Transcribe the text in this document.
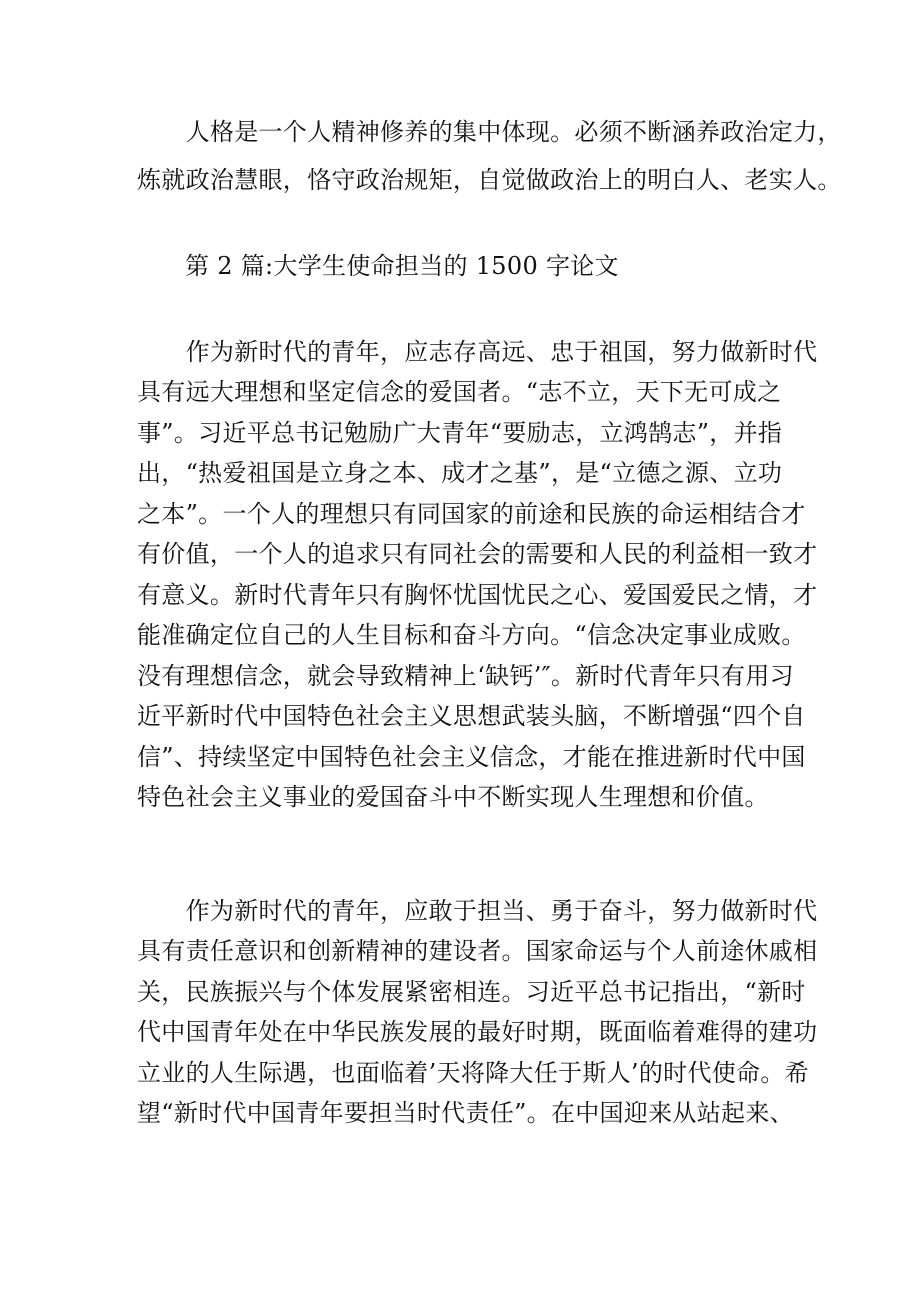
　　人格是一个人精神修养的集中体现。必须不断涵养政治定力，
炼就政治慧眼，恪守政治规矩，自觉做政治上的明白人、老实人。
第 2 篇:大学生使命担当的 1500 字论文
　　作为新时代的青年，应志存高远、忠于祖国，努力做新时代
具有远大理想和坚定信念的爱国者。“志不立，天下无可成之
事”。习近平总书记勉励广大青年“要励志，立鸿鹄志”，并指
出，“热爱祖国是立身之本、成才之基”，是“立德之源、立功
之本”。一个人的理想只有同国家的前途和民族的命运相结合才
有价值，一个人的追求只有同社会的需要和人民的利益相一致才
有意义。新时代青年只有胸怀忧国忧民之心、爱国爱民之情，才
能准确定位自己的人生目标和奋斗方向。“信念决定事业成败。
没有理想信念，就会导致精神上‘缺钙’″。新时代青年只有用习
近平新时代中国特色社会主义思想武装头脑，不断增强“四个自
信”、持续坚定中国特色社会主义信念，才能在推进新时代中国
特色社会主义事业的爱国奋斗中不断实现人生理想和价值。
　　作为新时代的青年，应敢于担当、勇于奋斗，努力做新时代
具有责任意识和创新精神的建设者。国家命运与个人前途休戚相
关，民族振兴与个体发展紧密相连。习近平总书记指出，“新时
代中国青年处在中华民族发展的最好时期，既面临着难得的建功
立业的人生际遇，也面临着’天将降大任于斯人’的时代使命。希
望“新时代中国青年要担当时代责任”。在中国迎来从站起来、
